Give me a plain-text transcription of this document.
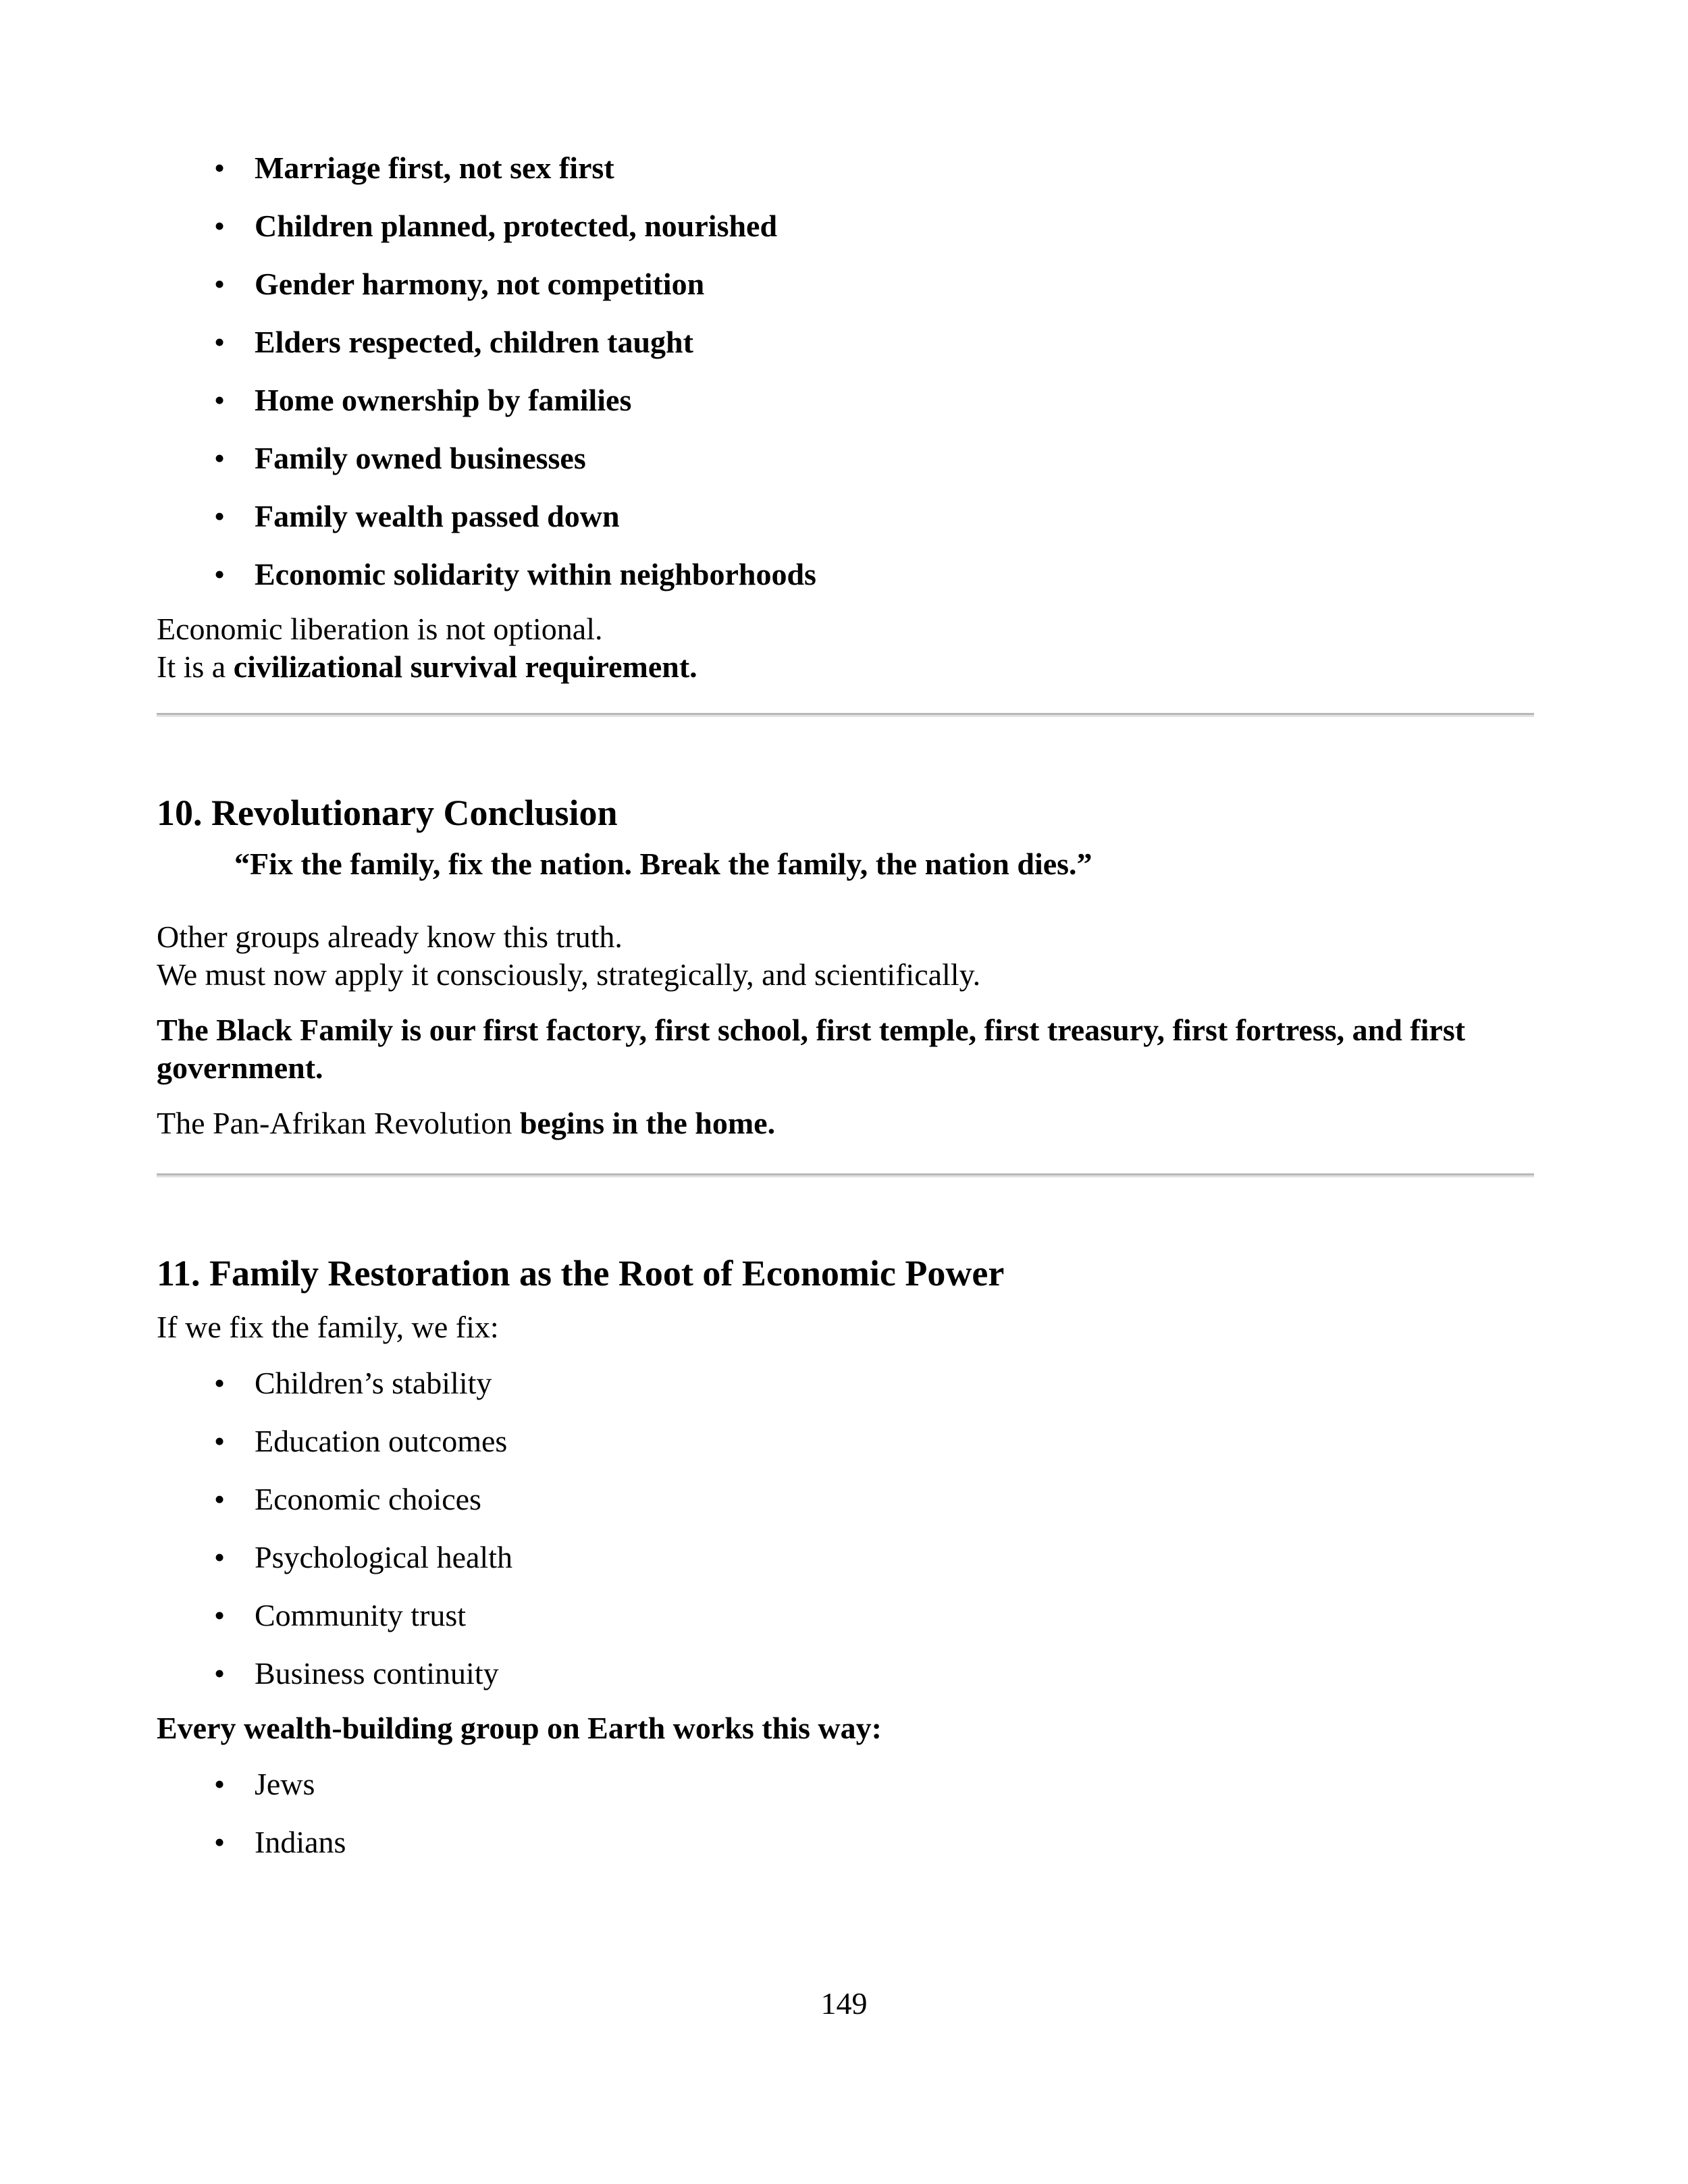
• Marriage first, not sex first
• Children planned, protected, nourished
• Gender harmony, not competition
• Elders respected, children taught
• Home ownership by families
• Family owned businesses
• Family wealth passed down
• Economic solidarity within neighborhoods

Economic liberation is not optional.
It is a civilizational survival requirement.

10. Revolutionary Conclusion

“Fix the family, fix the nation. Break the family, the nation dies.”

Other groups already know this truth.
We must now apply it consciously, strategically, and scientifically.

The Black Family is our first factory, first school, first temple, first treasury, first fortress, and first government.

The Pan-Afrikan Revolution begins in the home.

11. Family Restoration as the Root of Economic Power

If we fix the family, we fix:

• Children’s stability
• Education outcomes
• Economic choices
• Psychological health
• Community trust
• Business continuity

Every wealth-building group on Earth works this way:

• Jews
• Indians
149
